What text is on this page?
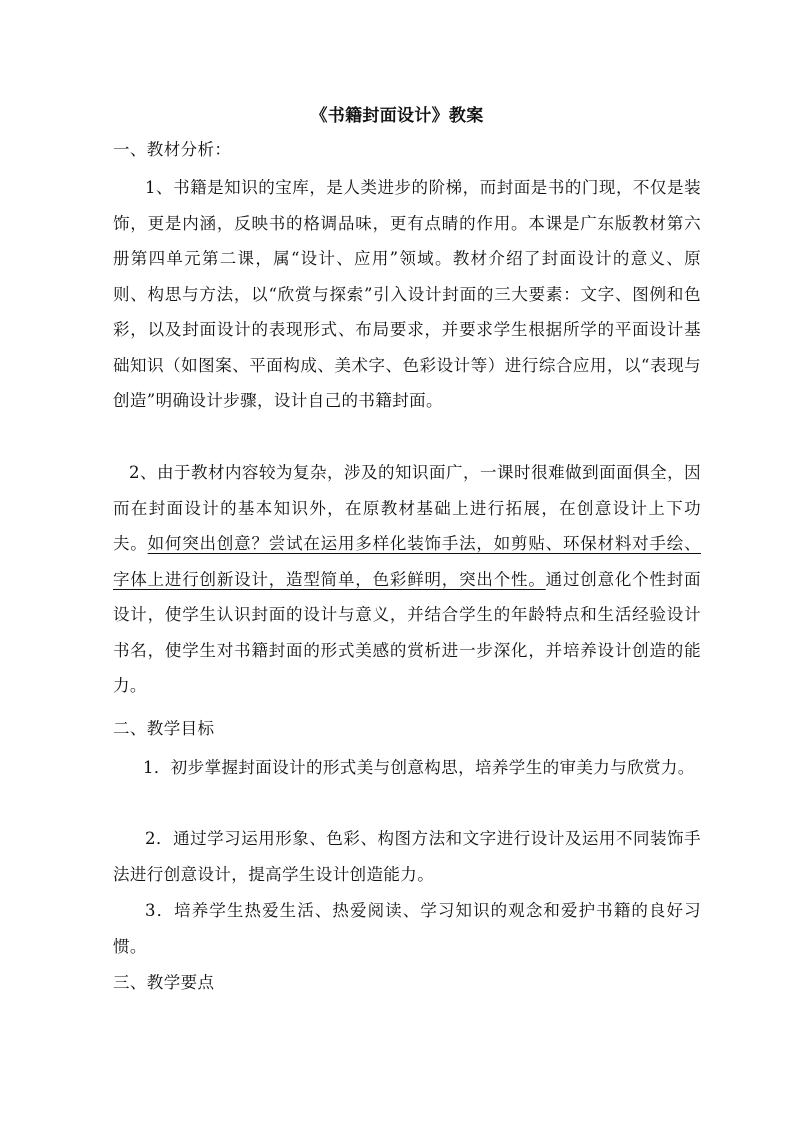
《书籍封面设计》教案

一、教材分析：

1、书籍是知识的宝库，是人类进步的阶梯，而封面是书的门现，不仅是装饰，更是内涵，反映书的格调品味，更有点睛的作用。本课是广东版教材第六册第四单元第二课，属“设计、应用”领域。教材介绍了封面设计的意义、原则、构思与方法，以“欣赏与探索”引入设计封面的三大要素：文字、图例和色彩，以及封面设计的表现形式、布局要求，并要求学生根据所学的平面设计基础知识（如图案、平面构成、美术字、色彩设计等）进行综合应用，以“表现与创造”明确设计步骤，设计自己的书籍封面。

2、由于教材内容较为复杂，涉及的知识面广，一课时很难做到面面俱全，因而在封面设计的基本知识外，在原教材基础上进行拓展，在创意设计上下功夫。如何突出创意？尝试在运用多样化装饰手法，如剪贴、环保材料对手绘、字体上进行创新设计，造型简单，色彩鲜明，突出个性。通过创意化个性封面设计，使学生认识封面的设计与意义，并结合学生的年龄特点和生活经验设计书名，使学生对书籍封面的形式美感的赏析进一步深化，并培养设计创造的能力。

二、教学目标

1．初步掌握封面设计的形式美与创意构思，培养学生的审美力与欣赏力。

2．通过学习运用形象、色彩、构图方法和文字进行设计及运用不同装饰手法进行创意设计，提高学生设计创造能力。

3．培养学生热爱生活、热爱阅读、学习知识的观念和爱护书籍的良好习惯。

三、教学要点
